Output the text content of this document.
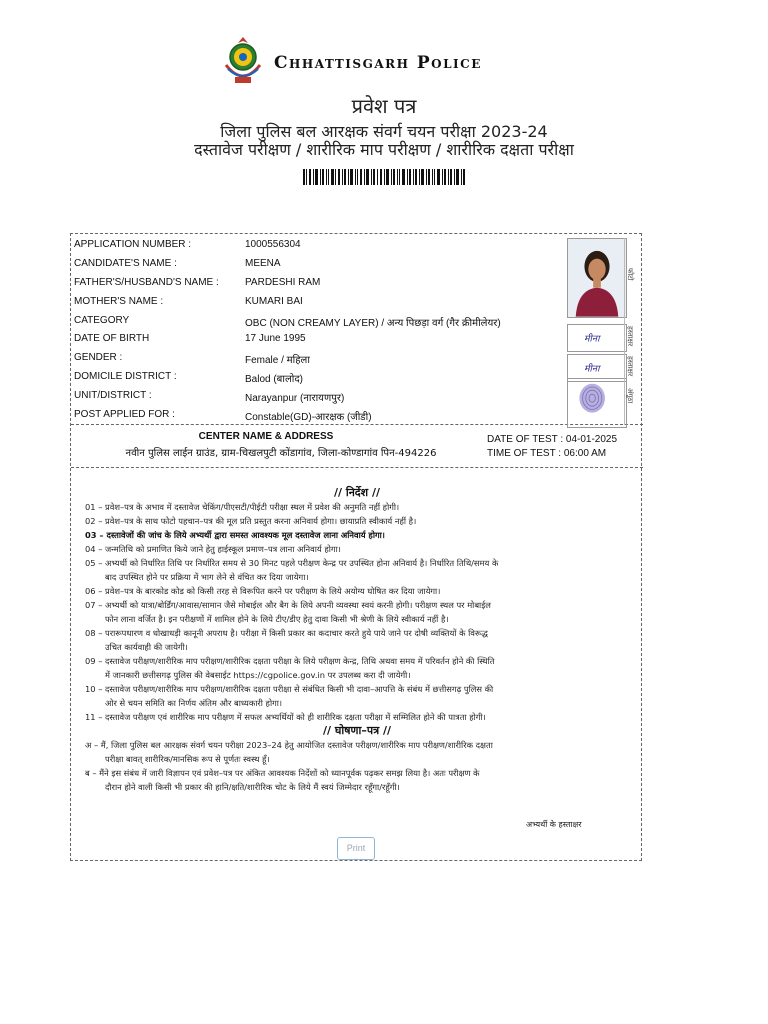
Chhattisgarh Police
प्रवेश पत्र
जिला पुलिस बल आरक्षक संवर्ग चयन परीक्षा 2023-24
दस्तावेज परीक्षण / शारीरिक माप परीक्षण / शारीरिक दक्षता परीक्षा
APPLICATION NUMBER :	1000556304
CANDIDATE'S NAME :	MEENA
FATHER'S/HUSBAND'S NAME :	PARDESHI RAM
MOTHER'S NAME :	KUMARI BAI
CATEGORY	OBC (NON CREAMY LAYER) / अन्य पिछड़ा वर्ग (गैर क्रीमीलेयर)
DATE OF BIRTH	17 June 1995
GENDER :	Female / महिला
DOMICILE DISTRICT :	Balod (बालोद)
UNIT/DISTRICT :	Narayanpur (नारायणपुर)
POST APPLIED FOR :	Constable(GD)-आरक्षक (जीडी)
मीना
मीना
फोटो
हस्ताक्षर
हस्ताक्षर
अंगूठा
CENTER NAME & ADDRESS
नवीन पुलिस लाईन ग्राउंड, ग्राम-चिखलपुटी कोंडागांव, जिला-कोण्डागांव पिन-494226
DATE OF TEST : 04-01-2025
TIME OF TEST : 06:00 AM
// निर्देश //
01 – प्रवेश–पत्र के अभाव में दस्तावेज चेकिंग/पीएसटी/पीईटी परीक्षा स्थल में प्रवेश की अनुमति नहीं होगी।
02 – प्रवेश–पत्र के साथ फोटो पहचान–पत्र की मूल प्रति प्रस्तुत करना अनिवार्य होगा। छायाप्रति स्वीकार्य नहीं है।
03 – दस्तावेजों की जांच के लिये अभ्यर्थी द्वारा समस्त आवश्यक मूल दस्तावेज लाना अनिवार्य होगा।
04 – जन्मतिथि को प्रमाणित किये जाने हेतु हाईस्कूल प्रमाण–पत्र लाना अनिवार्य होगा।
05 – अभ्यर्थी को निर्धारित तिथि पर निर्धारित समय से 30 मिनट पहले परीक्षण केन्द्र पर उपस्थित होना अनिवार्य है। निर्धारित तिथि/समय के
बाद उपस्थित होने पर प्रक्रिया में भाग लेने से वंचित कर दिया जायेगा।
06 – प्रवेश–पत्र के बारकोड कोड को किसी तरह से विरूपित करने पर परीक्षण के लिये अयोग्य घोषित कर दिया जायेगा।
07 – अभ्यर्थी को यात्रा/बोर्डिंग/आवास/सामान जैसे मोबाईल और बैग के लिये अपनी व्यवस्था स्वयं करनी होगी। परीक्षण स्थल पर मोबाईल
फोन लाना वर्जित है। इन परीक्षणों में शामिल होने के लिये टीए/डीए हेतु दावा किसी भी श्रेणी के लिये स्वीकार्य नहीं है।
08 – परारूपधारण व धोखाधड़ी कानूनी अपराध है। परीक्षा में किसी प्रकार का कदाचार करते हुये पाये जाने पर दोषी व्यक्तियों के विरूद्ध
उचित कार्यवाही की जायेगी।
09 – दस्तावेज परीक्षण/शारीरिक माप परीक्षण/शारीरिक दक्षता परीक्षा के लिये परीक्षण केन्द्र, तिथि अथवा समय में परिवर्तन होने की स्थिति
में जानकारी छत्तीसगढ़ पुलिस की वेबसाईट https://cgpolice.gov.in पर उपलब्ध करा दी जायेगी।
10 – दस्तावेज परीक्षण/शारीरिक माप परीक्षण/शारीरिक दक्षता परीक्षा से संबंधित किसी भी दावा–आपत्ति के संबंध में छत्तीसगढ़ पुलिस की
ओर से चयन समिति का निर्णय अंतिम और बाध्यकारी होगा।
11 – दस्तावेज परीक्षण एवं शारीरिक माप परीक्षण में सफल अभ्यर्थियों को ही शारीरिक दक्षता परीक्षा में सम्मिलित होने की पात्रता होगी।
// घोषणा–पत्र //
अ – मैं, जिला पुलिस बल आरक्षक संवर्ग चयन परीक्षा 2023–24 हेतु आयोजित दस्तावेज परीक्षण/शारीरिक माप परीक्षण/शारीरिक दक्षता
परीक्षा बावत् शारीरिक/मानसिक रूप से पूर्णतः स्वस्थ हूँ।
ब – मैंने इस संबंध में जारी विज्ञापन एवं प्रवेश–पत्र पर अंकित आवश्यक निर्देशों को ध्यानपूर्वक पढ़कर समझ लिया है। अतः परीक्षण के
दौरान होने वाली किसी भी प्रकार की हानि/क्षति/शारीरिक चोट के लिये मैं स्वयं जिम्मेदार रहूँगा/रहूँगी।
अभ्यर्थी के हस्ताक्षर
Print
